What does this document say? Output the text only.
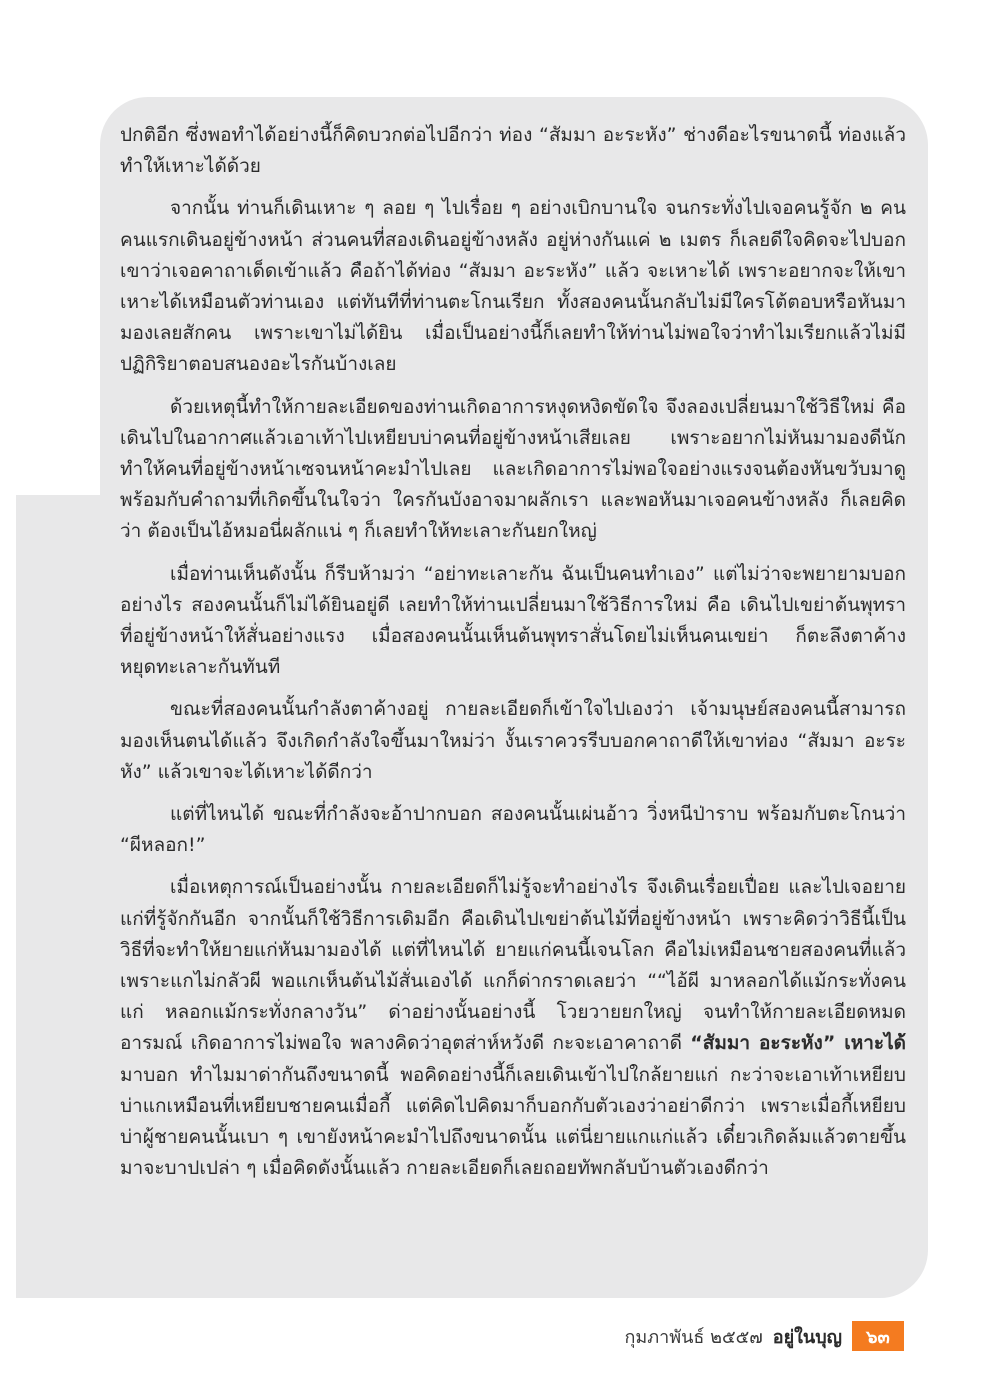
ปกติอีก ซึ่งพอทำได้อย่างนี้ก็คิดบวกต่อไปอีกว่า ท่อง “สัมมา อะระหัง” ช่างดีอะไรขนาดนี้ ท่องแล้วทำให้เหาะได้ด้วย

จากนั้น ท่านก็เดินเหาะ ๆ ลอย ๆ ไปเรื่อย ๆ อย่างเบิกบานใจ จนกระทั่งไปเจอคนรู้จัก ๒ คน คนแรกเดินอยู่ข้างหน้า ส่วนคนที่สองเดินอยู่ข้างหลัง อยู่ห่างกันแค่ ๒ เมตร ก็เลยดีใจคิดจะไปบอกเขาว่าเจอคาถาเด็ดเข้าแล้ว คือถ้าได้ท่อง “สัมมา อะระหัง” แล้ว จะเหาะได้ เพราะอยากจะให้เขาเหาะได้เหมือนตัวท่านเอง แต่ทันทีที่ท่านตะโกนเรียก ทั้งสองคนนั้นกลับไม่มีใครโต้ตอบหรือหันมามองเลยสักคน เพราะเขาไม่ได้ยิน เมื่อเป็นอย่างนี้ก็เลยทำให้ท่านไม่พอใจว่าทำไมเรียกแล้วไม่มีปฏิกิริยาตอบสนองอะไรกันบ้างเลย

ด้วยเหตุนี้ทำให้กายละเอียดของท่านเกิดอาการหงุดหงิดขัดใจ จึงลองเปลี่ยนมาใช้วิธีใหม่ คือเดินไปในอากาศแล้วเอาเท้าไปเหยียบบ่าคนที่อยู่ข้างหน้าเสียเลย เพราะอยากไม่หันมามองดีนัก ทำให้คนที่อยู่ข้างหน้าเซจนหน้าคะมำไปเลย และเกิดอาการไม่พอใจอย่างแรงจนต้องหันขวับมาดู พร้อมกับคำถามที่เกิดขึ้นในใจว่า ใครกันบังอาจมาผลักเรา และพอหันมาเจอคนข้างหลัง ก็เลยคิดว่า ต้องเป็นไอ้หมอนี่ผลักแน่ ๆ ก็เลยทำให้ทะเลาะกันยกใหญ่

เมื่อท่านเห็นดังนั้น ก็รีบห้ามว่า “อย่าทะเลาะกัน ฉันเป็นคนทำเอง” แต่ไม่ว่าจะพยายามบอกอย่างไร สองคนนั้นก็ไม่ได้ยินอยู่ดี เลยทำให้ท่านเปลี่ยนมาใช้วิธีการใหม่ คือ เดินไปเขย่าต้นพุทราที่อยู่ข้างหน้าให้สั่นอย่างแรง เมื่อสองคนนั้นเห็นต้นพุทราสั่นโดยไม่เห็นคนเขย่า ก็ตะลึงตาค้าง หยุดทะเลาะกันทันที

ขณะที่สองคนนั้นกำลังตาค้างอยู่ กายละเอียดก็เข้าใจไปเองว่า เจ้ามนุษย์สองคนนี้สามารถมองเห็นตนได้แล้ว จึงเกิดกำลังใจขึ้นมาใหม่ว่า งั้นเราควรรีบบอกคาถาดีให้เขาท่อง “สัมมา อะระหัง” แล้วเขาจะได้เหาะได้ดีกว่า

แต่ที่ไหนได้ ขณะที่กำลังจะอ้าปากบอก สองคนนั้นเผ่นอ้าว วิ่งหนีป่าราบ พร้อมกับตะโกนว่า “ผีหลอก!”

เมื่อเหตุการณ์เป็นอย่างนั้น กายละเอียดก็ไม่รู้จะทำอย่างไร จึงเดินเรื่อยเปื่อย และไปเจอยายแก่ที่รู้จักกันอีก จากนั้นก็ใช้วิธีการเดิมอีก คือเดินไปเขย่าต้นไม้ที่อยู่ข้างหน้า เพราะคิดว่าวิธีนี้เป็นวิธีที่จะทำให้ยายแก่หันมามองได้ แต่ที่ไหนได้ ยายแก่คนนี้เจนโลก คือไม่เหมือนชายสองคนที่แล้ว เพราะแกไม่กลัวผี พอแกเห็นต้นไม้สั่นเองได้ แกก็ด่ากราดเลยว่า ““ไอ้ผี มาหลอกได้แม้กระทั่งคนแก่ หลอกแม้กระทั่งกลางวัน” ด่าอย่างนั้นอย่างนี้ โวยวายยกใหญ่ จนทำให้กายละเอียดหมดอารมณ์ เกิดอาการไม่พอใจ พลางคิดว่าอุตส่าห์หวังดี กะจะเอาคาถาดี “สัมมา อะระหัง” เหาะได้ มาบอก ทำไมมาด่ากันถึงขนาดนี้ พอคิดอย่างนี้ก็เลยเดินเข้าไปใกล้ยายแก่ กะว่าจะเอาเท้าเหยียบบ่าแกเหมือนที่เหยียบชายคนเมื่อกี้ แต่คิดไปคิดมาก็บอกกับตัวเองว่าอย่าดีกว่า เพราะเมื่อกี้เหยียบบ่าผู้ชายคนนั้นเบา ๆ เขายังหน้าคะมำไปถึงขนาดนั้น แต่นี่ยายแกแก่แล้ว เดี๋ยวเกิดล้มแล้วตายขึ้นมาจะบาปเปล่า ๆ เมื่อคิดดังนั้นแล้ว กายละเอียดก็เลยถอยทัพกลับบ้านตัวเองดีกว่า

กุมภาพันธ์ ๒๕๕๗ อยู่ในบุญ	๖๓
